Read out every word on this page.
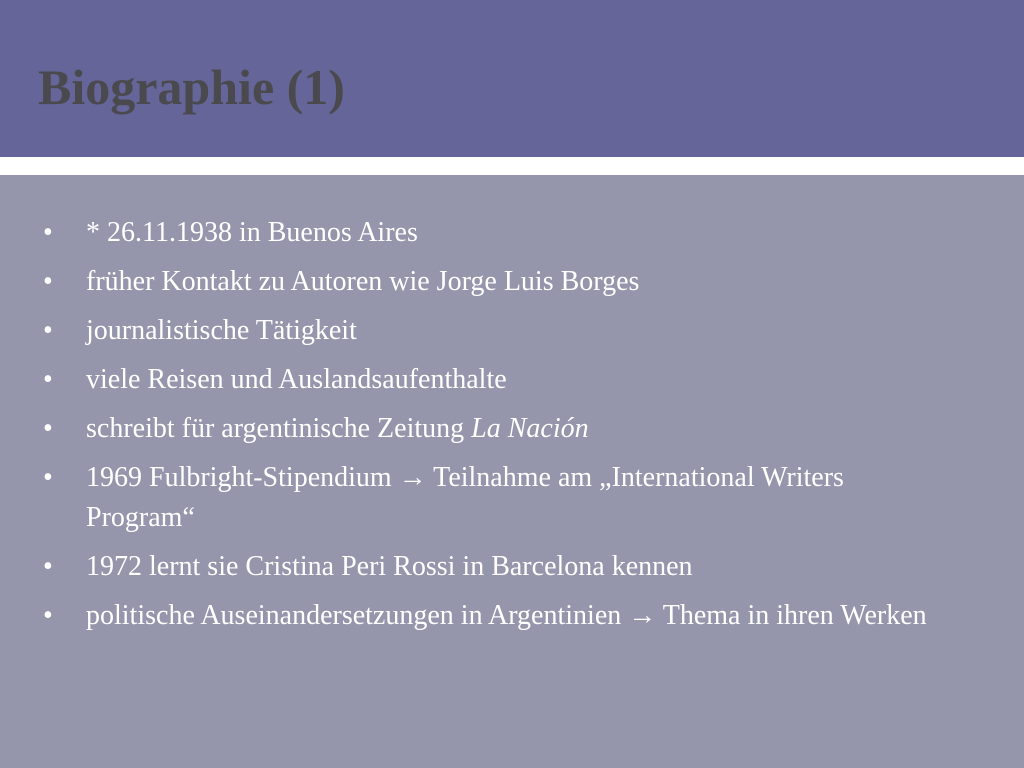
Biographie (1)
•	* 26.11.1938 in Buenos Aires
•	früher Kontakt zu Autoren wie Jorge Luis Borges
•	journalistische Tätigkeit
•	viele Reisen und Auslandsaufenthalte
•	schreibt für argentinische Zeitung La Nación
•	1969 Fulbright-Stipendium → Teilnahme am „International Writers Program“
•	1972 lernt sie Cristina Peri Rossi in Barcelona kennen
•	politische Auseinandersetzungen in Argentinien → Thema in ihren Werken
